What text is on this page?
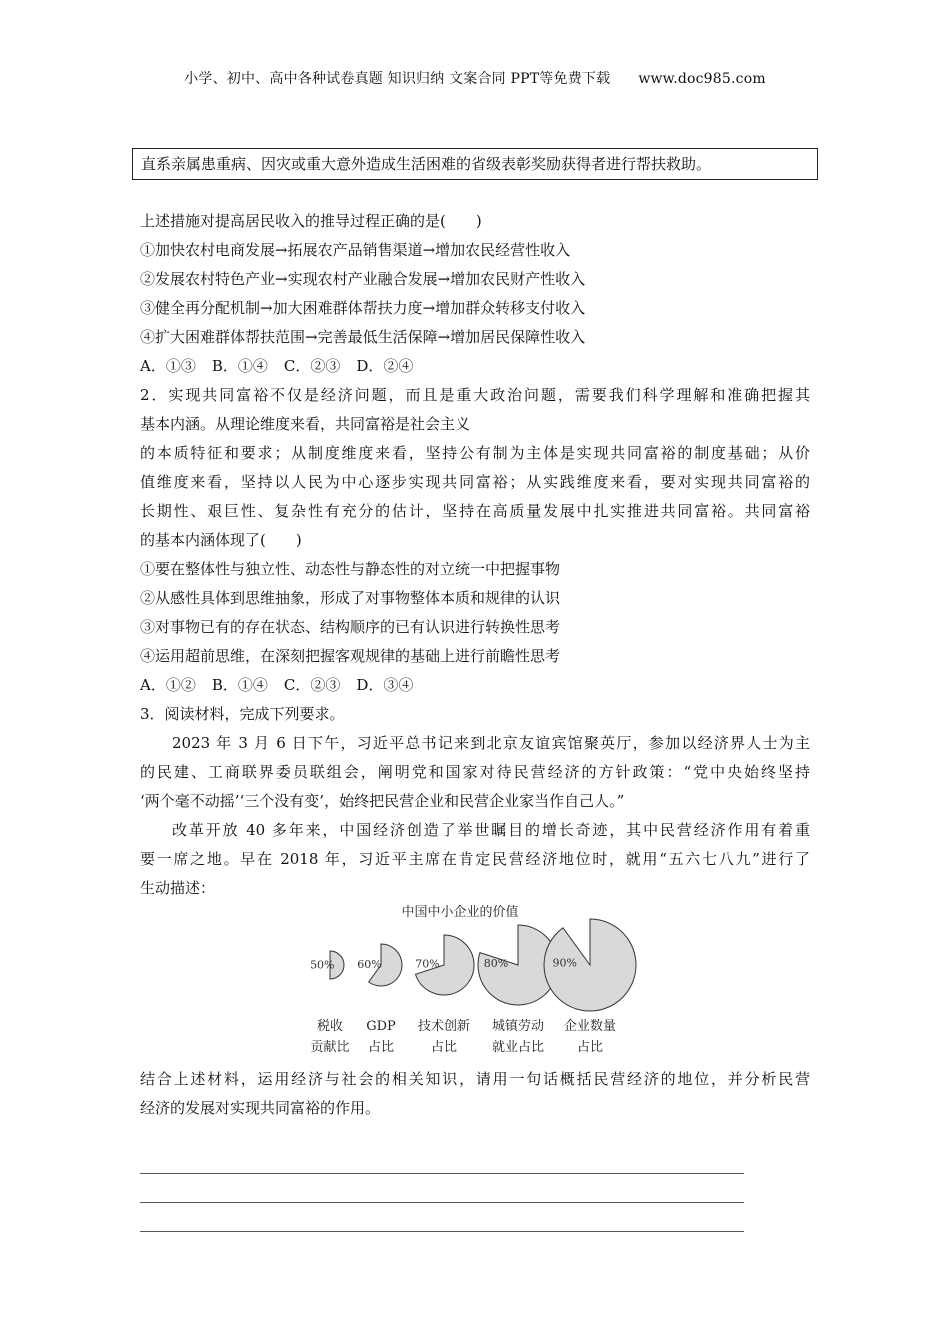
小学、初中、高中各种试卷真题 知识归纳 文案合同 PPT等免费下载 www.doc985.com
直系亲属患重病、因灾或重大意外造成生活困难的省级表彰奖励获得者进行帮扶救助。
上述措施对提高居民收入的推导过程正确的是(　　)
①加快农村电商发展→拓展农产品销售渠道→增加农民经营性收入
②发展农村特色产业→实现农村产业融合发展→增加农民财产性收入
③健全再分配机制→加大困难群体帮扶力度→增加群众转移支付收入
④扩大困难群体帮扶范围→完善最低生活保障→增加居民保障性收入
A．①③ B．①④ C．②③ D．②④
2．实现共同富裕不仅是经济问题，而且是重大政治问题，需要我们科学理解和准确把握其
基本内涵。从理论维度来看，共同富裕是社会主义
的本质特征和要求；从制度维度来看，坚持公有制为主体是实现共同富裕的制度基础；从价
值维度来看，坚持以人民为中心逐步实现共同富裕；从实践维度来看，要对实现共同富裕的
长期性、艰巨性、复杂性有充分的估计，坚持在高质量发展中扎实推进共同富裕。共同富裕
的基本内涵体现了(　　)
①要在整体性与独立性、动态性与静态性的对立统一中把握事物
②从感性具体到思维抽象，形成了对事物整体本质和规律的认识
③对事物已有的存在状态、结构顺序的已有认识进行转换性思考
④运用超前思维，在深刻把握客观规律的基础上进行前瞻性思考
A．①② B．①④ C．②③ D．③④
3．阅读材料，完成下列要求。
2023 年 3 月 6 日下午，习近平总书记来到北京友谊宾馆聚英厅，参加以经济界人士为主
的民建、工商联界委员联组会，阐明党和国家对待民营经济的方针政策：“党中央始终坚持
‘两个毫不动摇’‘三个没有变’，始终把民营企业和民营企业家当作自己人。”
改革开放 40 多年来，中国经济创造了举世瞩目的增长奇迹，其中民营经济作用有着重
要一席之地。早在 2018 年，习近平主席在肯定民营经济地位时，就用“五六七八九”进行了
生动描述：
中国中小企业的价值
50%
税收
贡献比
60%
GDP
占比
70%
技术创新
占比
80%
城镇劳动
就业占比
90%
企业数量
占比
结合上述材料，运用经济与社会的相关知识，请用一句话概括民营经济的地位，并分析民营
经济的发展对实现共同富裕的作用。
